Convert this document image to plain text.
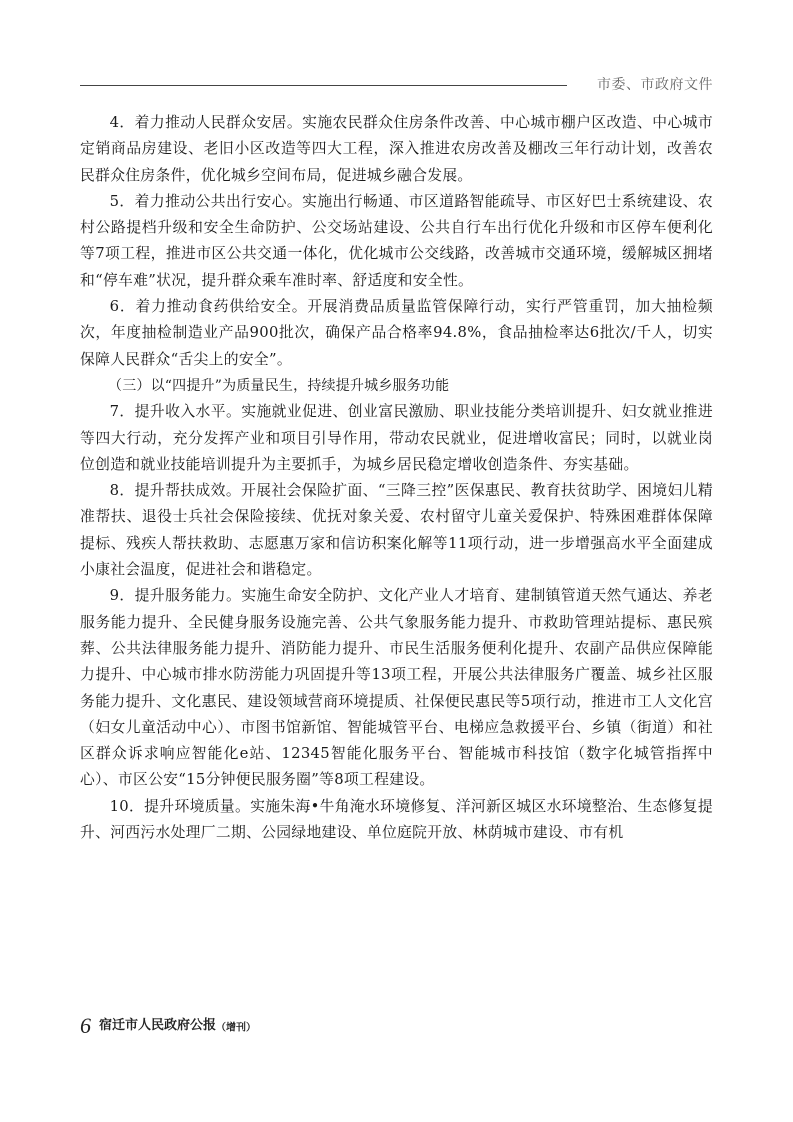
市委、市政府文件

4．着力推动人民群众安居。实施农民群众住房条件改善、中心城市棚户区改造、中心城市定销商品房建设、老旧小区改造等四大工程，深入推进农房改善及棚改三年行动计划，改善农民群众住房条件，优化城乡空间布局，促进城乡融合发展。

5．着力推动公共出行安心。实施出行畅通、市区道路智能疏导、市区好巴士系统建设、农村公路提档升级和安全生命防护、公交场站建设、公共自行车出行优化升级和市区停车便利化等7项工程，推进市区公共交通一体化，优化城市公交线路，改善城市交通环境，缓解城区拥堵和“停车难”状况，提升群众乘车准时率、舒适度和安全性。

6．着力推动食药供给安全。开展消费品质量监管保障行动，实行严管重罚，加大抽检频次，年度抽检制造业产品900批次，确保产品合格率94.8%，食品抽检率达6批次/千人，切实保障人民群众“舌尖上的安全”。

（三）以“四提升”为质量民生，持续提升城乡服务功能

7．提升收入水平。实施就业促进、创业富民激励、职业技能分类培训提升、妇女就业推进等四大行动，充分发挥产业和项目引导作用，带动农民就业，促进增收富民；同时，以就业岗位创造和就业技能培训提升为主要抓手，为城乡居民稳定增收创造条件、夯实基础。

8．提升帮扶成效。开展社会保险扩面、“三降三控”医保惠民、教育扶贫助学、困境妇儿精准帮扶、退役士兵社会保险接续、优抚对象关爱、农村留守儿童关爱保护、特殊困难群体保障提标、残疾人帮扶救助、志愿惠万家和信访积案化解等11项行动，进一步增强高水平全面建成小康社会温度，促进社会和谐稳定。

9．提升服务能力。实施生命安全防护、文化产业人才培育、建制镇管道天然气通达、养老服务能力提升、全民健身服务设施完善、公共气象服务能力提升、市救助管理站提标、惠民殡葬、公共法律服务能力提升、消防能力提升、市民生活服务便利化提升、农副产品供应保障能力提升、中心城市排水防涝能力巩固提升等13项工程，开展公共法律服务广覆盖、城乡社区服务能力提升、文化惠民、建设领域营商环境提质、社保便民惠民等5项行动，推进市工人文化宫（妇女儿童活动中心）、市图书馆新馆、智能城管平台、电梯应急救援平台、乡镇（街道）和社区群众诉求响应智能化e站、12345智能化服务平台、智能城市科技馆（数字化城管指挥中心）、市区公安“15分钟便民服务圈”等8项工程建设。

10．提升环境质量。实施朱海•牛角淹水环境修复、洋河新区城区水环境整治、生态修复提升、河西污水处理厂二期、公园绿地建设、单位庭院开放、林荫城市建设、市有机

6 宿迁市人民政府公报（增刊）
